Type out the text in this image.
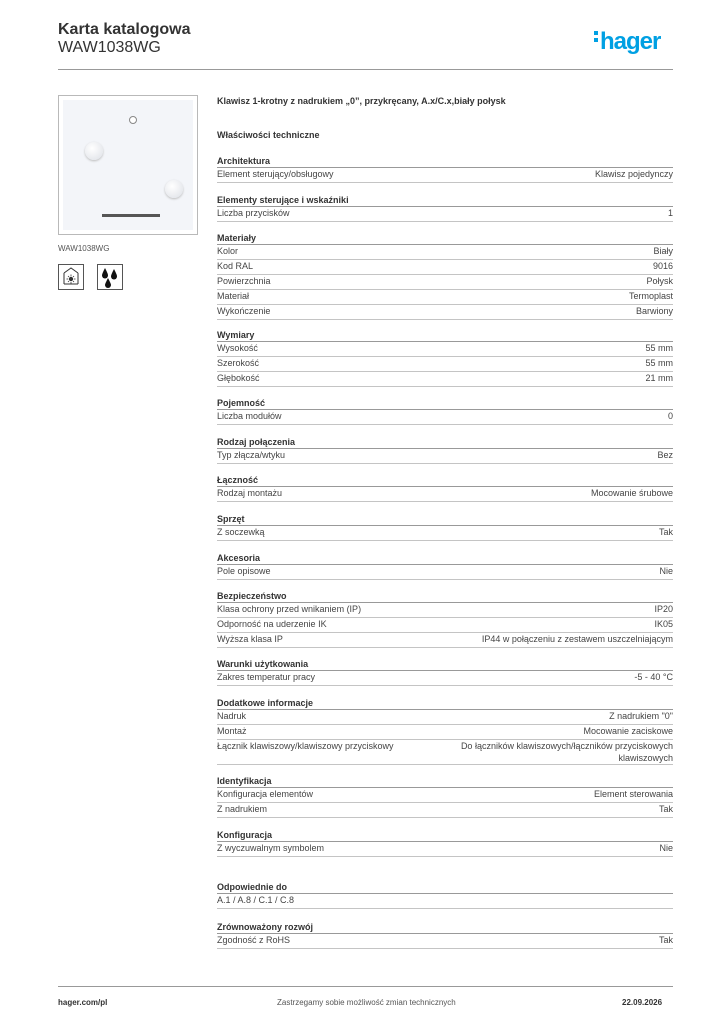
Karta katalogowa
WAW1038WG	hager
WAW1038WG
Klawisz 1-krotny z nadrukiem „0”, przykręcany, A.x/C.x,biały połysk
Właściwości techniczne
Architektura
Element sterujący/obsługowy	Klawisz pojedynczy
Elementy sterujące i wskaźniki
Liczba przycisków	1
Materiały
Kolor	Biały
Kod RAL	9016
Powierzchnia	Połysk
Materiał	Termoplast
Wykończenie	Barwiony
Wymiary
Wysokość	55 mm
Szerokość	55 mm
Głębokość	21 mm
Pojemność
Liczba modułów	0
Rodzaj połączenia
Typ złącza/wtyku	Bez
Łączność
Rodzaj montażu	Mocowanie śrubowe
Sprzęt
Z soczewką	Tak
Akcesoria
Pole opisowe	Nie
Bezpieczeństwo
Klasa ochrony przed wnikaniem (IP)	IP20
Odporność na uderzenie IK	IK05
Wyższa klasa IP	IP44 w połączeniu z zestawem uszczelniającym
Warunki użytkowania
Zakres temperatur pracy	-5 - 40 °C
Dodatkowe informacje
Nadruk	Z nadrukiem "0"
Montaż	Mocowanie zaciskowe
Łącznik klawiszowy/klawiszowy przyciskowy	Do łączników klawiszowych/łączników przyciskowych klawiszowych
Identyfikacja
Konfiguracja elementów	Element sterowania
Z nadrukiem	Tak
Konfiguracja
Z wyczuwalnym symbolem	Nie
Odpowiednie do
A.1 / A.8 / C.1 / C.8
Zrównoważony rozwój
Zgodność z RoHS	Tak
hager.com/pl	Zastrzegamy sobie możliwość zmian technicznych	22.09.2026
